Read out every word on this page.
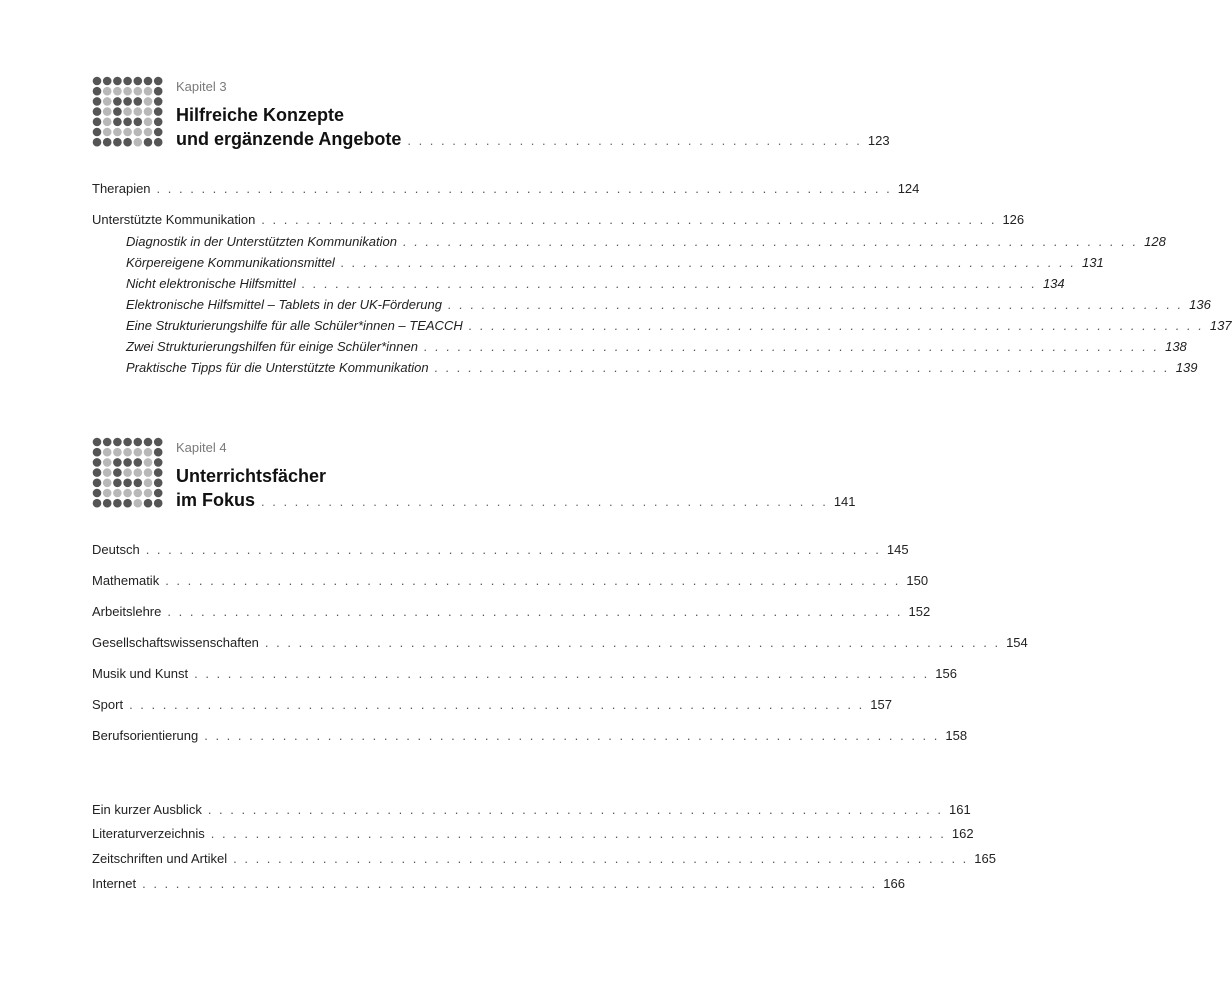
Kapitel 3
Hilfreiche Konzepte
und ergänzende Angebote . . . . . . . . . . . . . . . . . . . . . . . . . . . . . . . . . . . . . . . . . 123
Therapien . . . . . . . . . . . . . . . . . . . . . . . . . . . . . . . . . . . . . . . . . . . . . . . . . . . . . . . . . . . . . . . . . . 124
Unterstützte Kommunikation . . . . . . . . . . . . . . . . . . . . . . . . . . . . . . . . . . . . . . . . . . . . . . . . . . . . . . . . . . . . . . . . . . 126
Diagnostik in der Unterstützten Kommunikation . . . . . . . . . . . . . . . . . . . . . . . . . . . . . . . . . . . . . . . . . . . . . . . . . . . . . . . . . . . . . . . . . . 128
Körpereigene Kommunikationsmittel . . . . . . . . . . . . . . . . . . . . . . . . . . . . . . . . . . . . . . . . . . . . . . . . . . . . . . . . . . . . . . . . . . 131
Nicht elektronische Hilfsmittel . . . . . . . . . . . . . . . . . . . . . . . . . . . . . . . . . . . . . . . . . . . . . . . . . . . . . . . . . . . . . . . . . . 134
Elektronische Hilfsmittel – Tablets in der UK-Förderung . . . . . . . . . . . . . . . . . . . . . . . . . . . . . . . . . . . . . . . . . . . . . . . . . . . . . . . . . . . . . . . . . . 136
Eine Strukturierungshilfe für alle Schüler*innen – TEACCH . . . . . . . . . . . . . . . . . . . . . . . . . . . . . . . . . . . . . . . . . . . . . . . . . . . . . . . . . . . . . . . . . . 137
Zwei Strukturierungshilfen für einige Schüler*innen . . . . . . . . . . . . . . . . . . . . . . . . . . . . . . . . . . . . . . . . . . . . . . . . . . . . . . . . . . . . . . . . . . 138
Praktische Tipps für die Unterstützte Kommunikation . . . . . . . . . . . . . . . . . . . . . . . . . . . . . . . . . . . . . . . . . . . . . . . . . . . . . . . . . . . . . . . . . . 139
Kapitel 4
Unterrichtsfächer
im Fokus . . . . . . . . . . . . . . . . . . . . . . . . . . . . . . . . . . . . . . . . . . . . . . . . . . . 141
Deutsch . . . . . . . . . . . . . . . . . . . . . . . . . . . . . . . . . . . . . . . . . . . . . . . . . . . . . . . . . . . . . . . . . . 145
Mathematik . . . . . . . . . . . . . . . . . . . . . . . . . . . . . . . . . . . . . . . . . . . . . . . . . . . . . . . . . . . . . . . . . . 150
Arbeitslehre . . . . . . . . . . . . . . . . . . . . . . . . . . . . . . . . . . . . . . . . . . . . . . . . . . . . . . . . . . . . . . . . . . 152
Gesellschaftswissenschaften . . . . . . . . . . . . . . . . . . . . . . . . . . . . . . . . . . . . . . . . . . . . . . . . . . . . . . . . . . . . . . . . . . 154
Musik und Kunst . . . . . . . . . . . . . . . . . . . . . . . . . . . . . . . . . . . . . . . . . . . . . . . . . . . . . . . . . . . . . . . . . . 156
Sport . . . . . . . . . . . . . . . . . . . . . . . . . . . . . . . . . . . . . . . . . . . . . . . . . . . . . . . . . . . . . . . . . . 157
Berufsorientierung . . . . . . . . . . . . . . . . . . . . . . . . . . . . . . . . . . . . . . . . . . . . . . . . . . . . . . . . . . . . . . . . . . 158
Ein kurzer Ausblick . . . . . . . . . . . . . . . . . . . . . . . . . . . . . . . . . . . . . . . . . . . . . . . . . . . . . . . . . . . . . . . . . . 161
Literaturverzeichnis . . . . . . . . . . . . . . . . . . . . . . . . . . . . . . . . . . . . . . . . . . . . . . . . . . . . . . . . . . . . . . . . . . 162
Zeitschriften und Artikel . . . . . . . . . . . . . . . . . . . . . . . . . . . . . . . . . . . . . . . . . . . . . . . . . . . . . . . . . . . . . . . . . . 165
Internet . . . . . . . . . . . . . . . . . . . . . . . . . . . . . . . . . . . . . . . . . . . . . . . . . . . . . . . . . . . . . . . . . . 166
